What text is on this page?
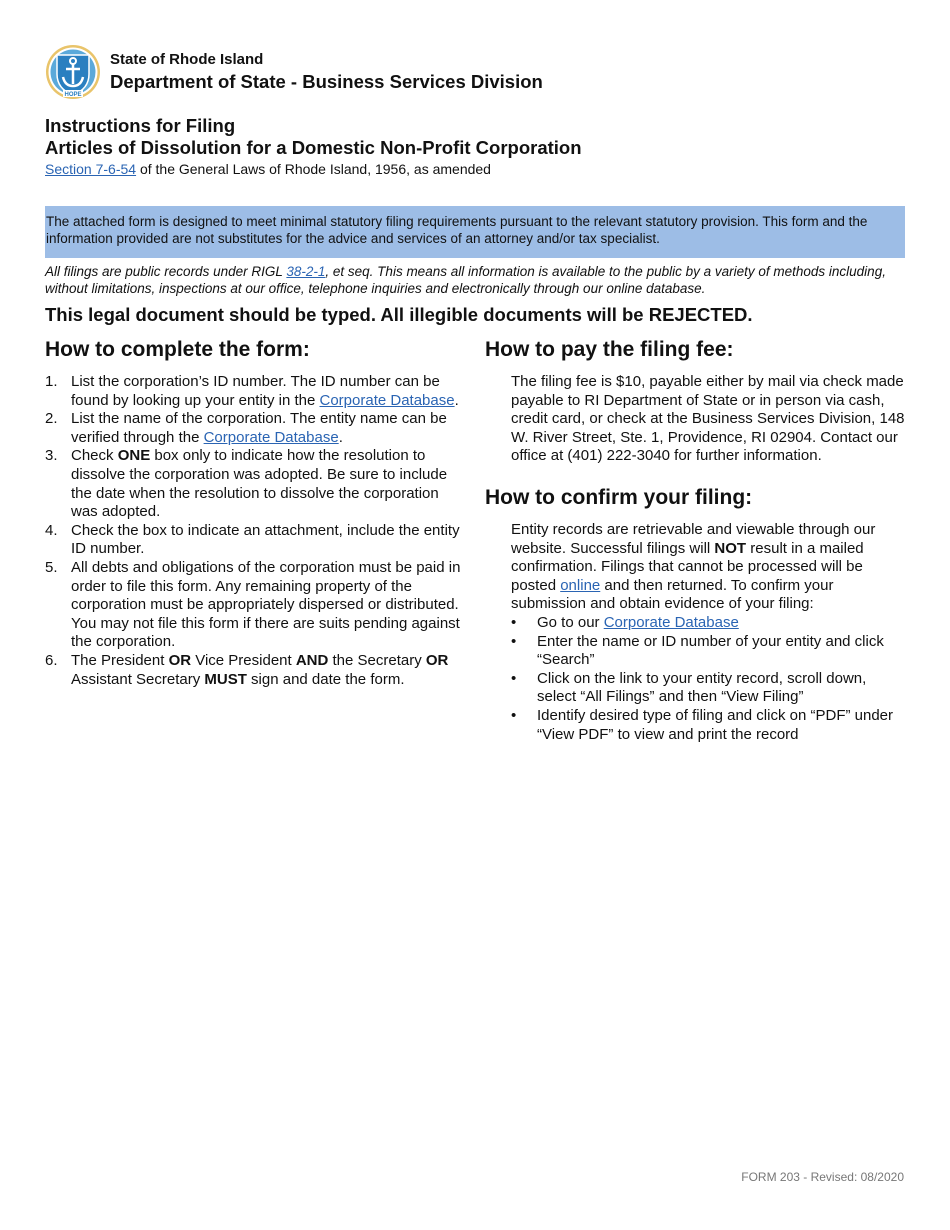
HOPE
State of Rhode Island
Department of State - Business Services Division
Instructions for Filing
Articles of Dissolution for a Domestic Non-Profit Corporation
Section 7-6-54 of the General Laws of Rhode Island, 1956, as amended
The attached form is designed to meet minimal statutory filing requirements pursuant to the relevant statutory provision. This form and the information provided are not substitutes for the advice and services of an attorney and/or tax specialist.
All filings are public records under RIGL 38-2-1, et seq. This means all information is available to the public by a variety of methods including, without limitations, inspections at our office, telephone inquiries and electronically through our online database.
This legal document should be typed. All illegible documents will be REJECTED.
How to complete the form:
1. List the corporation’s ID number. The ID number can be found by looking up your entity in the Corporate Database.
2. List the name of the corporation. The entity name can be verified through the Corporate Database.
3. Check ONE box only to indicate how the resolution to dissolve the corporation was adopted. Be sure to include the date when the resolution to dissolve the corporation was adopted.
4. Check the box to indicate an attachment, include the entity ID number.
5. All debts and obligations of the corporation must be paid in order to file this form. Any remaining property of the corporation must be appropriately dispersed or distributed. You may not file this form if there are suits pending against the corporation.
6. The President OR Vice President AND the Secretary OR Assistant Secretary MUST sign and date the form.
How to pay the filing fee:
The filing fee is $10, payable either by mail via check made payable to RI Department of State or in person via cash, credit card, or check at the Business Services Division, 148 W. River Street, Ste. 1, Providence, RI 02904. Contact our office at (401) 222-3040 for further information.
How to confirm your filing:
Entity records are retrievable and viewable through our website. Successful filings will NOT result in a mailed confirmation. Filings that cannot be processed will be posted online and then returned. To confirm your submission and obtain evidence of your filing:
• Go to our Corporate Database
• Enter the name or ID number of your entity and click “Search”
• Click on the link to your entity record, scroll down, select “All Filings” and then “View Filing”
• Identify desired type of filing and click on “PDF” under “View PDF” to view and print the record
FORM 203 - Revised: 08/2020
